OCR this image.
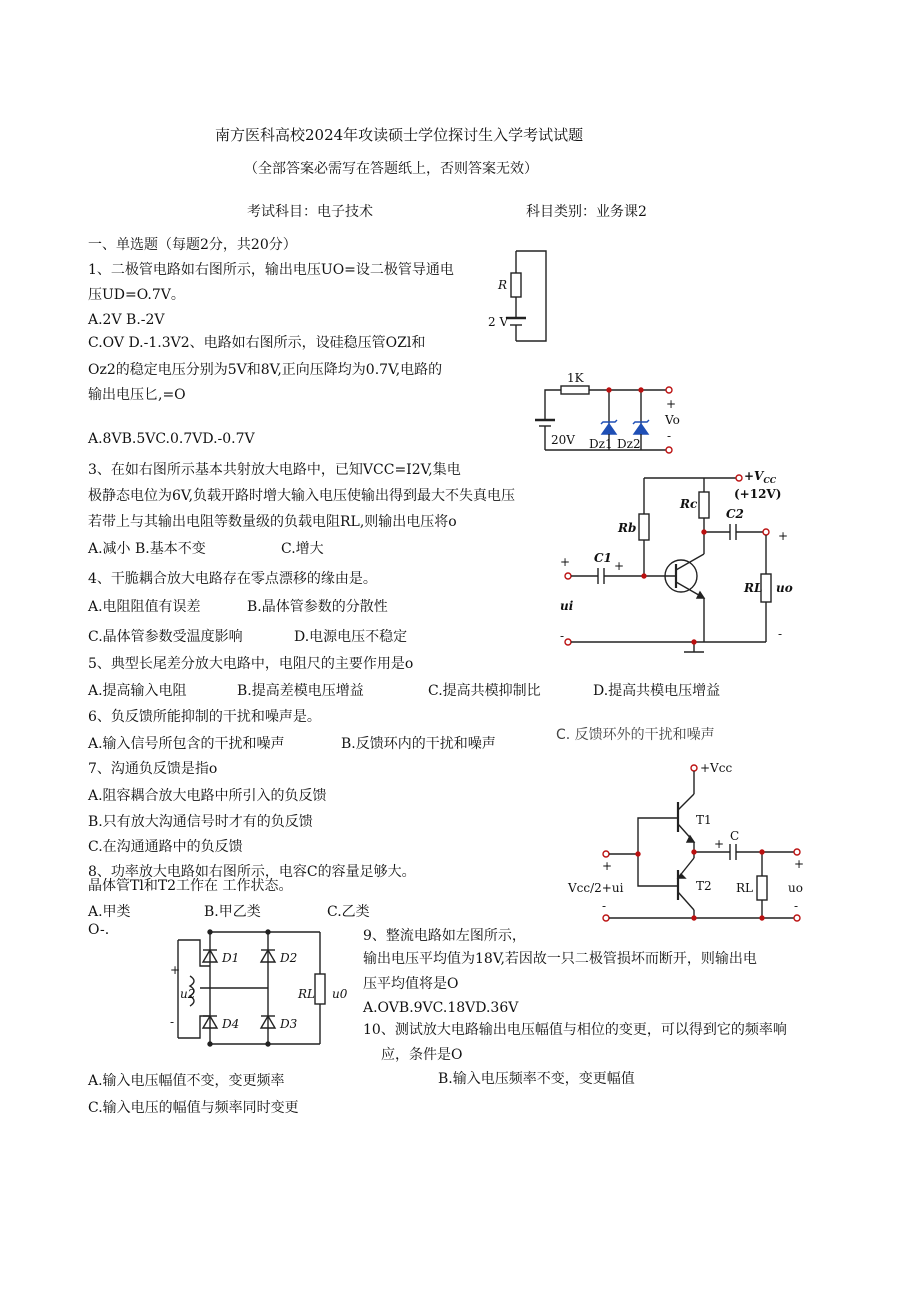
南方医科高校2024年攻读硕士学位探讨生入学考试试题
（全部答案必需写在答题纸上，否则答案无效）
考试科目：电子技术	科目类别：业务课2
一、单选题（每题2分，共20分）
1、二极管电路如右图所示，输出电压UO=设二极管导通电
压UD=O.7V。
A.2V B.-2V
C.OV D.-1.3V2、电路如右图所示，设硅稳压管OZl和
Oz2的稳定电压分别为5V和8V,正向压降均为0.7V,电路的
输出电压匕,=O
A.8VB.5VC.0.7VD.-0.7V
3、在如右图所示基本共射放大电路中，已知VCC=I2V,集电
极静态电位为6V,负载开路时增大输入电压使输出得到最大不失真电压
若带上与其输出电阻等数量级的负载电阻RL,则输出电压将o
A.减小 B.基本不变	C.增大
4、干脆耦合放大电路存在零点漂移的缘由是。
A.电阻阻值有误差	B.晶体管参数的分散性
C.晶体管参数受温度影响	D.电源电压不稳定
5、典型长尾差分放大电路中，电阻尺的主要作用是o
A.提高输入电阻	B.提高差模电压增益	C.提高共模抑制比	D.提高共模电压增益
6、负反馈所能抑制的干扰和噪声是。
A.输入信号所包含的干扰和噪声	B.反馈环内的干扰和噪声
C. 反馈环外的干扰和噪声
7、沟通负反馈是指o
A.阻容耦合放大电路中所引入的负反馈
B.只有放大沟通信号时才有的负反馈
C.在沟通通路中的负反馈
8、功率放大电路如右图所示，电容C的容量足够大。
晶体管Tl和T2工作在 工作状态。
A.甲类	B.甲乙类	C.乙类
O-.	9、整流电路如左图所示，
输出电压平均值为18V,若因故一只二极管损坏而断开，则输出电
压平均值将是O
A.OVB.9VC.18VD.36V
10、测试放大电路输出电压幅值与相位的变更，可以得到它的频率响
应，条件是O
A.输入电压幅值不变，变更频率	B.输入电压频率不变，变更幅值
C.输入电压的幅值与频率同时变更
R
2 V
1K
20V Dz1 Dz2
Vo
+
-
$+V_{CC}$
(+12V)
Rc
Rb
C1
C2
RL
ui
uo
+
+
-
+
-
+Vcc
T1
T2
C
RL
Vcc/2+ui	uo
+
-
+
+
-
D1	D2
D3
D4
RL
u2	u0
+
-
